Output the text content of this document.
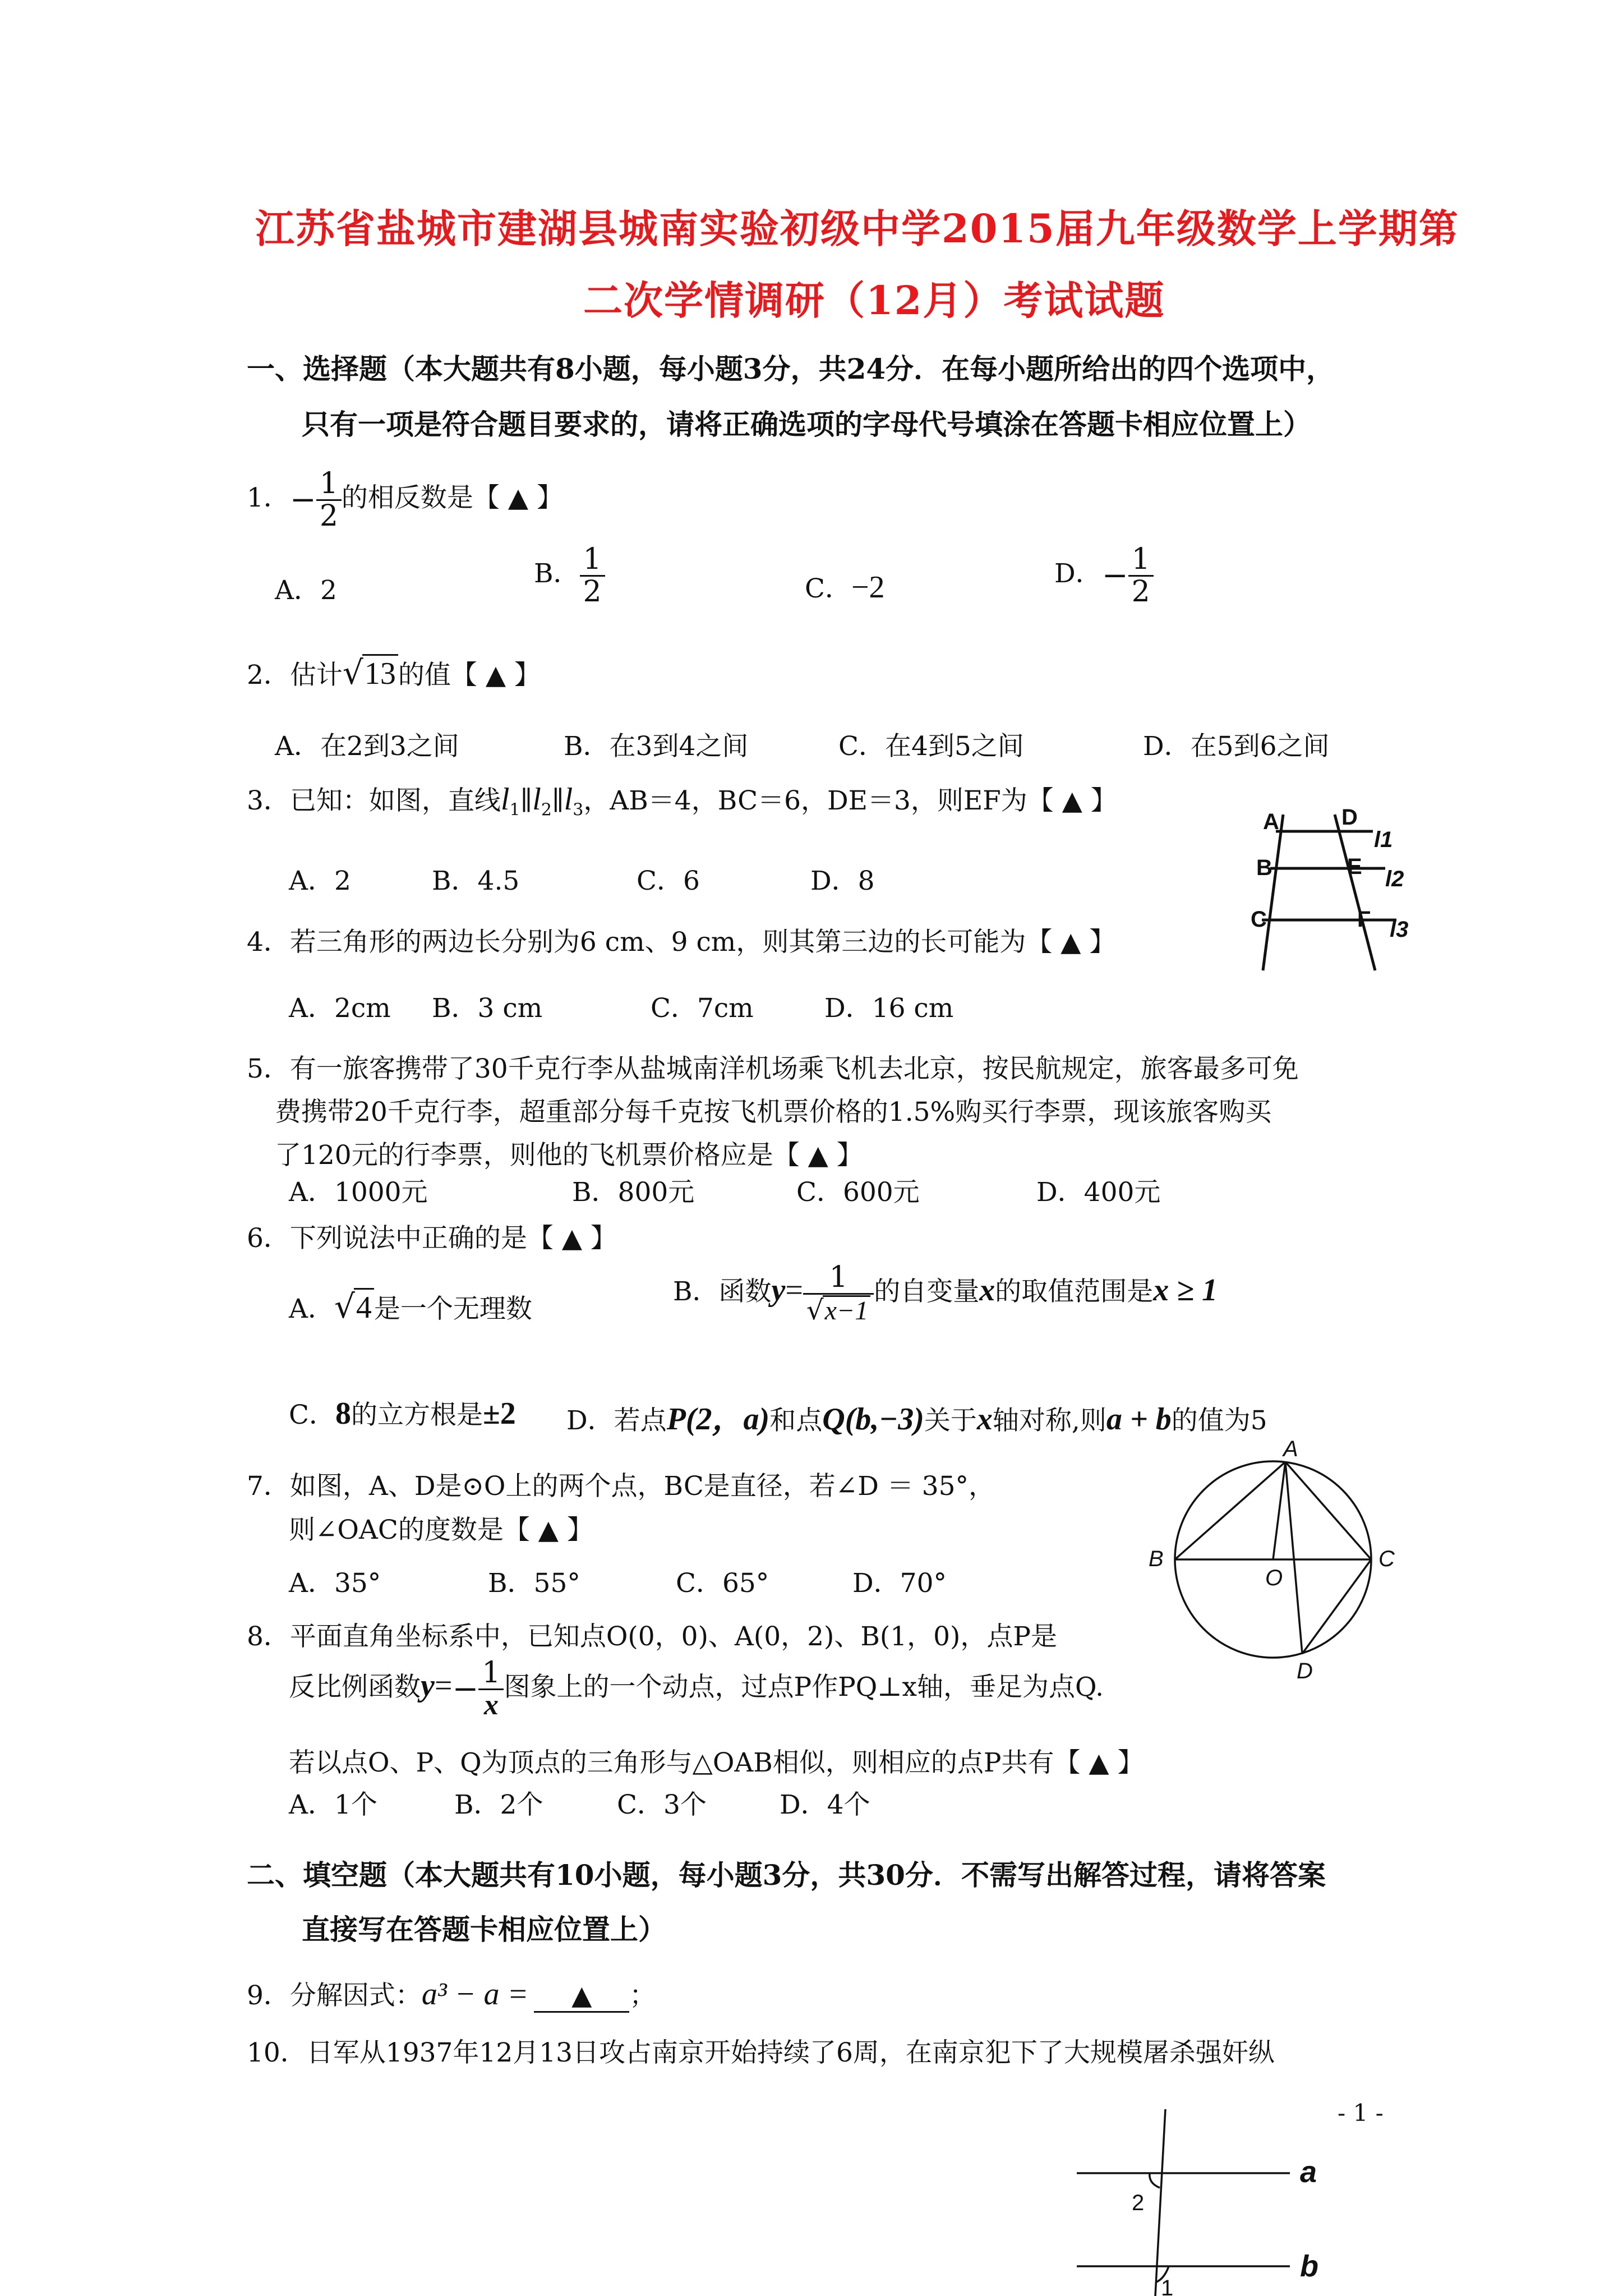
江苏省盐城市建湖县城南实验初级中学2015届九年级数学上学期第
二次学情调研（12月）考试试题
一、选择题（本大题共有8小题，每小题3分，共24分．在每小题所给出的四个选项中，
只有一项是符合题目要求的，请将正确选项的字母代号填涂在答题卡相应位置上）
1．− $\frac{1}{2}$ 的相反数是【 ▲ 】
A．2
B． $\frac{1}{2}$	C．−2	D．− $\frac{1}{2}$
2．估计√13的值【 ▲ 】
A．在2到3之间	B．在3到4之间	C．在4到5之间	D．在5到6之间
3．已知：如图，直线$l_1\parallel l_2\parallel l_3$，AB＝4，BC＝6，DE＝3，则EF为【 ▲ 】
A．2	B．4.5	C．6	D．8
A	D
B	E
C	F
l1
l2
l3
4．若三角形的两边长分别为6 cm、9 cm，则其第三边的长可能为【 ▲ 】
A．2cm B．3 cm	C．7cm	D．16 cm
5．有一旅客携带了30千克行李从盐城南洋机场乘飞机去北京，按民航规定，旅客最多可免
费携带20千克行李，超重部分每千克按飞机票价格的1.5%购买行李票，现该旅客购买
了120元的行李票，则他的飞机票价格应是【 ▲ 】
A．1000元	B．800元	C．600元	D．400元
6．下列说法中正确的是【 ▲ 】
A．√4是一个无理数
B．函数$y= \frac{1}{√x-1}$ 的自变量x的取值范围是x ≥ 1
C．8的立方根是±2 D．若点P(2，a)和点Q(b,−3)关于x轴对称,则a + b的值为5
7．如图，A、D是⊙O上的两个点，BC是直径，若∠D ＝ 35°，
则∠OAC的度数是【 ▲ 】
A．35°	B．55°	C．65°	D．70°
A
B	C
O
D
8．平面直角坐标系中，已知点O(0，0)、A(0，2)、B(1，0)，点P是
反比例函数$y=- \frac{1}{x}$ 图象上的一个动点，过点P作PQ⊥x轴，垂足为点Q.
若以点O、P、Q为顶点的三角形与△OAB相似，则相应的点P共有【 ▲ 】
A．1个	B．2个	C．3个	D．4个
二、填空题（本大题共有10小题，每小题3分，共30分．不需写出解答过程，请将答案
直接写在答题卡相应位置上）
9．分解因式：a³ − a = ▲ ；
10．日军从1937年12月13日攻占南京开始持续了6周，在南京犯下了大规模屠杀强奸纵
- 1 -
a
b
2
1
